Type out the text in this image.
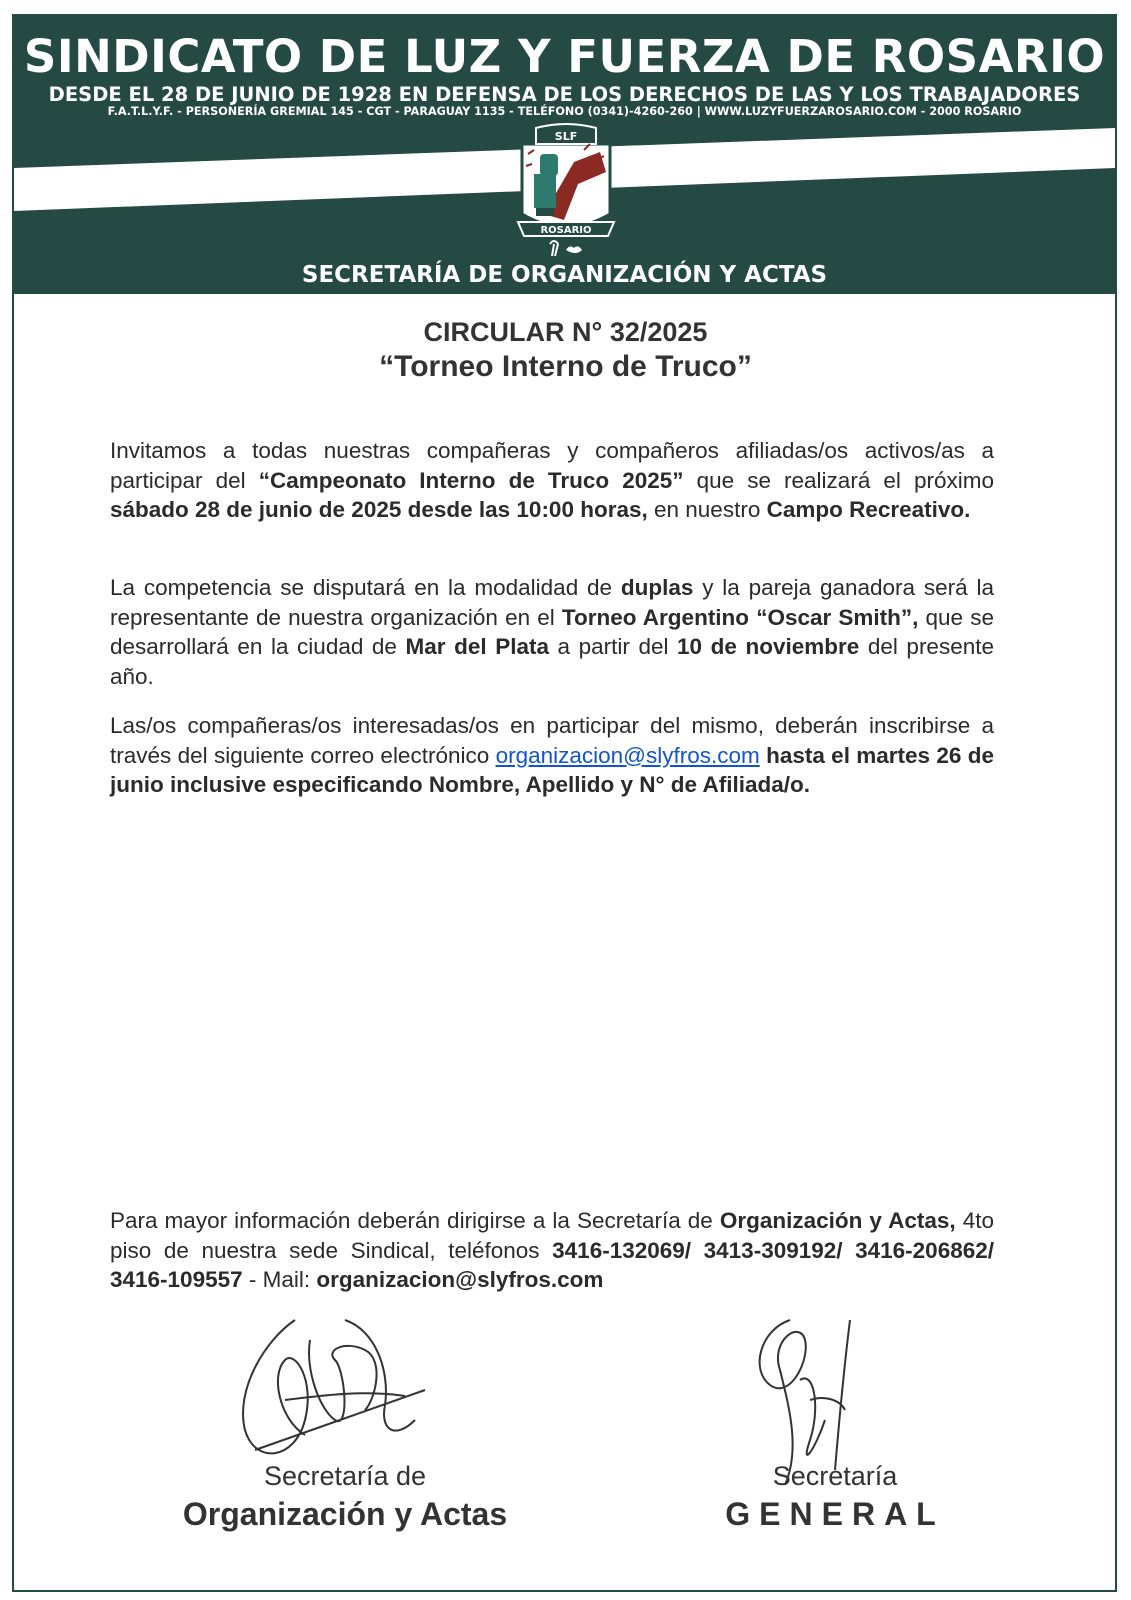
SINDICATO DE LUZ Y FUERZA DE ROSARIO
DESDE EL 28 DE JUNIO DE 1928 EN DEFENSA DE LOS DERECHOS DE LAS Y LOS TRABAJADORES
F.A.T.L.Y.F. - PERSONERÍA GREMIAL 145 - CGT - PARAGUAY 1135 - TELÉFONO (0341)-4260-260 | WWW.LUZYFUERZAROSARIO.COM - 2000 ROSARIO
SLF
ROSARIO
SECRETARÍA DE ORGANIZACIÓN Y ACTAS
CIRCULAR N° 32/2025
“Torneo Interno de Truco”
Invitamos a todas nuestras compañeras y compañeros afiliadas/os activos/as a participar del “Campeonato Interno de Truco 2025” que se realizará el próximo sábado 28 de junio de 2025 desde las 10:00 horas, en nuestro Campo Recreativo.
La competencia se disputará en la modalidad de duplas y la pareja ganadora será la representante de nuestra organización en el Torneo Argentino “Oscar Smith”, que se desarrollará en la ciudad de Mar del Plata a partir del 10 de noviembre del presente año.
Las/os compañeras/os interesadas/os en participar del mismo, deberán inscribirse a través del siguiente correo electrónico organizacion@slyfros.com hasta el martes 26 de junio inclusive especificando Nombre, Apellido y N° de Afiliada/o.
Para mayor información deberán dirigirse a la Secretaría de Organización y Actas, 4to piso de nuestra sede Sindical, teléfonos 3416-132069/ 3413-309192/ 3416-206862/ 3416-109557 - Mail: organizacion@slyfros.com
Secretaría de
Organización y Actas
Secretaría
GENERAL
